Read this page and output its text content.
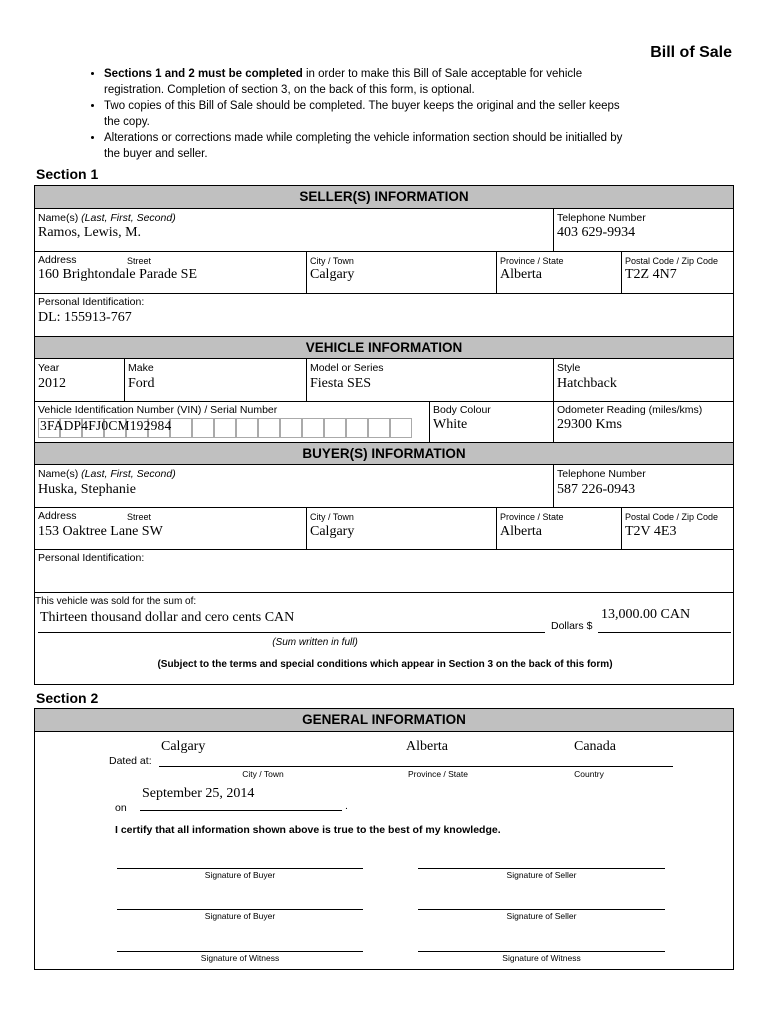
Bill of Sale
• Sections 1 and 2 must be completed in order to make this Bill of Sale acceptable for vehicle registration. Completion of section 3, on the back of this form, is optional.
• Two copies of this Bill of Sale should be completed. The buyer keeps the original and the seller keeps the copy.
• Alterations or corrections made while completing the vehicle information section should be initialled by the buyer and seller.
Section 1
SELLER(S) INFORMATION
Name(s) (Last, First, Second)
Ramos, Lewis, M.
Telephone Number
403 629-9934
Address	Street
160 Brightondale Parade SE
City / Town
Calgary
Province / State
Alberta
Postal Code / Zip Code
T2Z 4N7
Personal Identification:
DL: 155913-767
VEHICLE INFORMATION
Year
2012
Make
Ford
Model or Series
Fiesta SES
Style
Hatchback
Vehicle Identification Number (VIN) / Serial Number
3FADP4FJ0CM192984
Body Colour
White
Odometer Reading (miles/kms)
29300 Kms
BUYER(S) INFORMATION
Name(s) (Last, First, Second)
Huska, Stephanie
Telephone Number
587 226-0943
Address	Street
153 Oaktree Lane SW
City / Town
Calgary
Province / State
Alberta
Postal Code / Zip Code
T2V 4E3
Personal Identification:
This vehicle was sold for the sum of:
Thirteen thousand dollar and cero cents CAN
Dollars $
13,000.00 CAN
(Sum written in full)
(Subject to the terms and special conditions which appear in Section 3 on the back of this form)
Section 2
GENERAL INFORMATION
Dated at:
Calgary	Alberta	Canada
City / Town	Province / State	Country
on
September 25, 2014
.
I certify that all information shown above is true to the best of my knowledge.
Signature of Buyer	Signature of Seller
Signature of Buyer	Signature of Seller
Signature of Witness	Signature of Witness
